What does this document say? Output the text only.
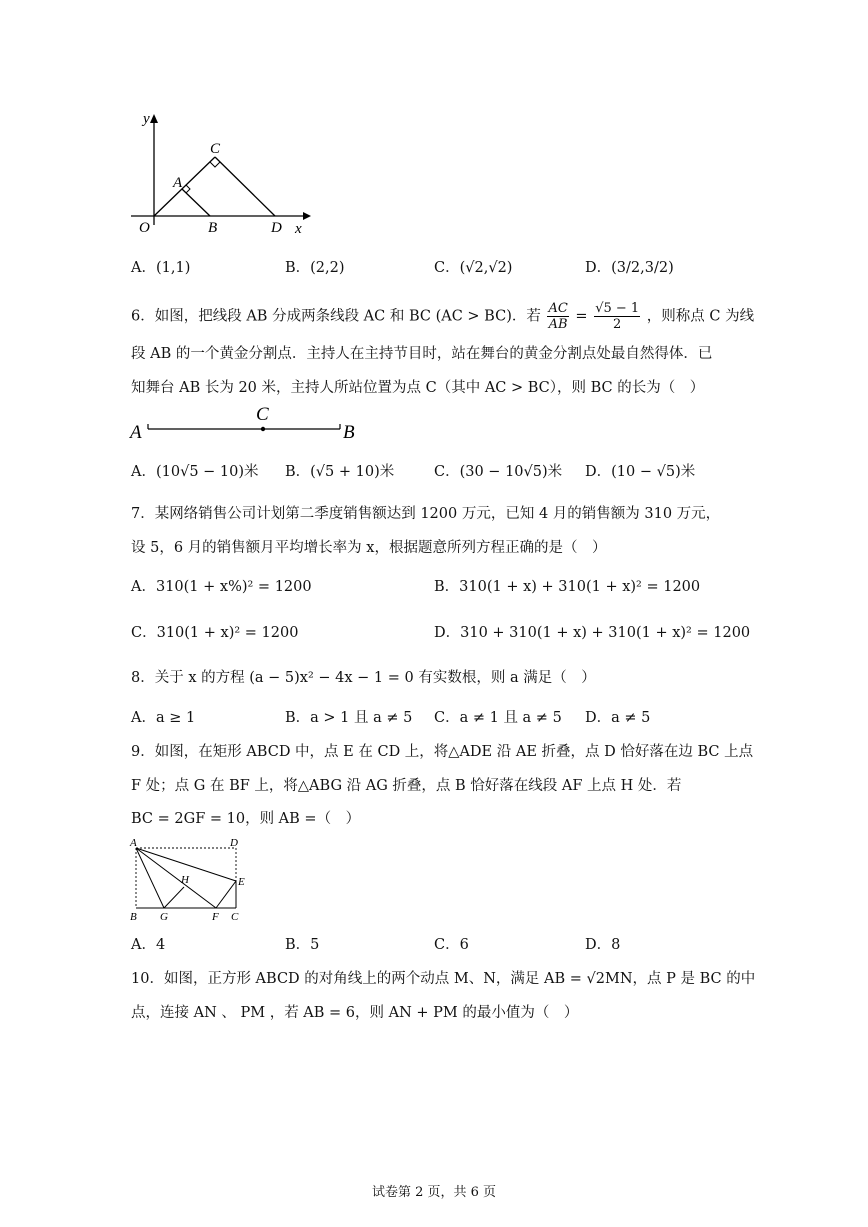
y
x
O
A
B
C
D
A．(1,1)	B．(2,2)	C．(√2,√2)	D．(3/2,3/2)
6．如图，把线段 AB 分成两条线段 AC 和 BC (AC > BC)．若 $\frac{AC}{AB} = \frac{√5 - 1}{2}$ ，则称点 C 为线
段 AB 的一个黄金分割点．主持人在主持节目时，站在舞台的黄金分割点处最自然得体．已
知舞台 AB 长为 20 米，主持人所站位置为点 C（其中 AC > BC），则 BC 的长为（　）
A	B
C
A．(10√5 − 10)米 B．(√5 + 10)米	C．(30 − 10√5)米 D．(10 − √5)米
7．某网络销售公司计划第二季度销售额达到 1200 万元，已知 4 月的销售额为 310 万元，
设 5，6 月的销售额月平均增长率为 x，根据题意所列方程正确的是（　）
A．310(1 + x%)² = 1200	B．310(1 + x) + 310(1 + x)² = 1200
C．310(1 + x)² = 1200	D．310 + 310(1 + x) + 310(1 + x)² = 1200
8．关于 x 的方程 (a − 5)x² − 4x − 1 = 0 有实数根，则 a 满足（　）
A．a ≥ 1	B．a > 1 且 a ≠ 5 C．a ≠ 1 且 a ≠ 5 D．a ≠ 5
9．如图，在矩形 ABCD 中，点 E 在 CD 上，将△ADE 沿 AE 折叠，点 D 恰好落在边 BC 上点
F 处；点 G 在 BF 上，将△ABG 沿 AG 折叠，点 B 恰好落在线段 AF 上点 H 处．若
BC = 2GF = 10，则 AB =（　）
A	D
H	E
B G	F C
A．4	B．5	C．6	D．8
10．如图，正方形 ABCD 的对角线上的两个动点 M、N，满足 AB = √2MN，点 P 是 BC 的中
点，连接 AN 、 PM ，若 AB = 6，则 AN + PM 的最小值为（　）
试卷第 2 页，共 6 页
